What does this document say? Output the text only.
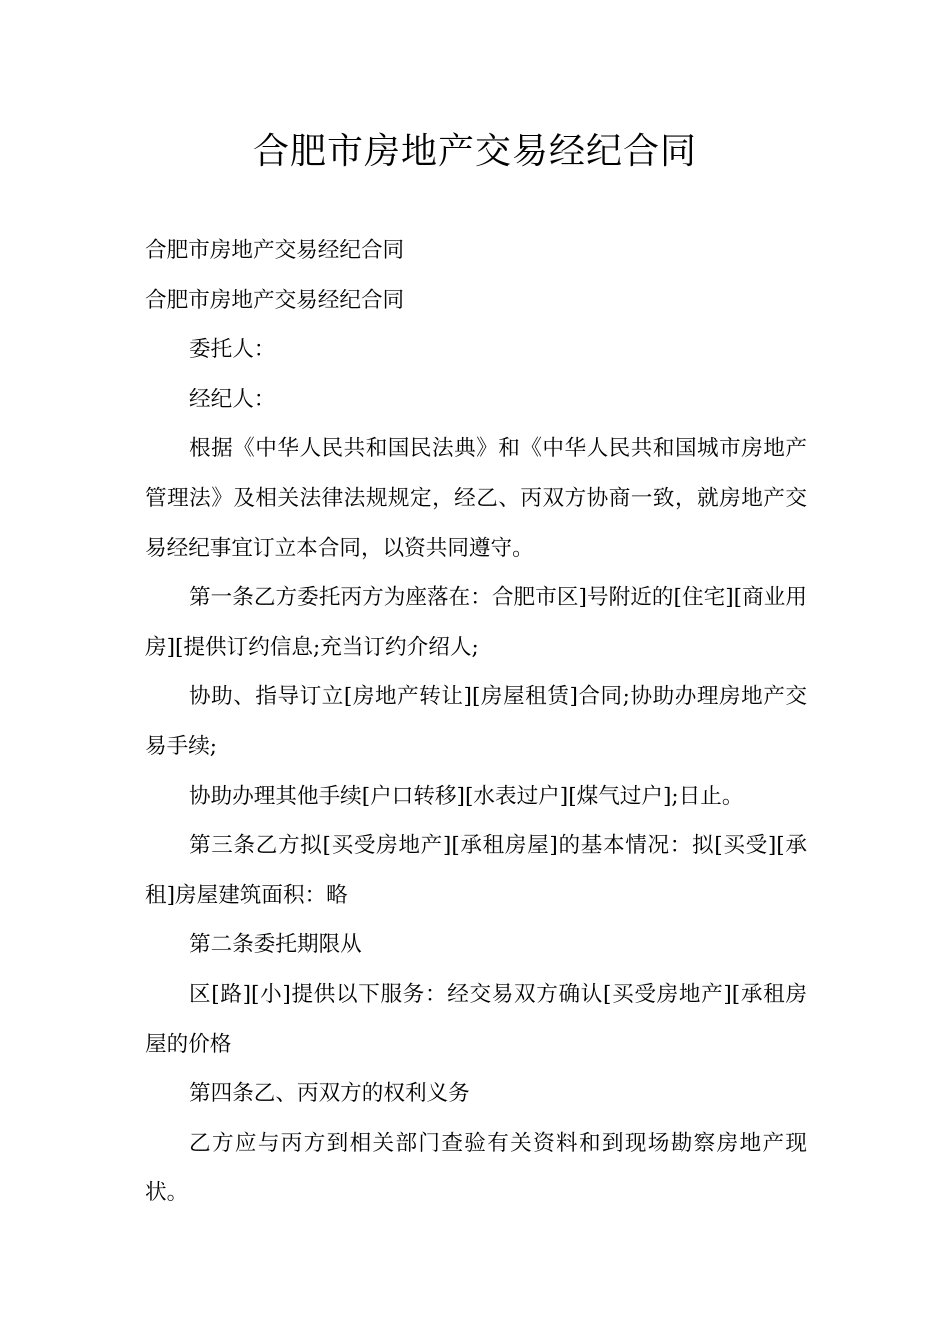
合肥市房地产交易经纪合同

合肥市房地产交易经纪合同

合肥市房地产交易经纪合同

委托人：

经纪人：

根据《中华人民共和国民法典》和《中华人民共和国城市房地产管理法》及相关法律法规规定，经乙、丙双方协商一致，就房地产交易经纪事宜订立本合同，以资共同遵守。

第一条乙方委托丙方为座落在：合肥市区]号附近的[住宅][商业用房][提供订约信息;充当订约介绍人;

协助、指导订立[房地产转让][房屋租赁]合同;协助办理房地产交易手续;

协助办理其他手续[户口转移][水表过户][煤气过户];日止。

第三条乙方拟[买受房地产][承租房屋]的基本情况：拟[买受][承租]房屋建筑面积：略

第二条委托期限从

区[路][小]提供以下服务：经交易双方确认[买受房地产][承租房屋的价格

第四条乙、丙双方的权利义务

乙方应与丙方到相关部门查验有关资料和到现场勘察房地产现状。
